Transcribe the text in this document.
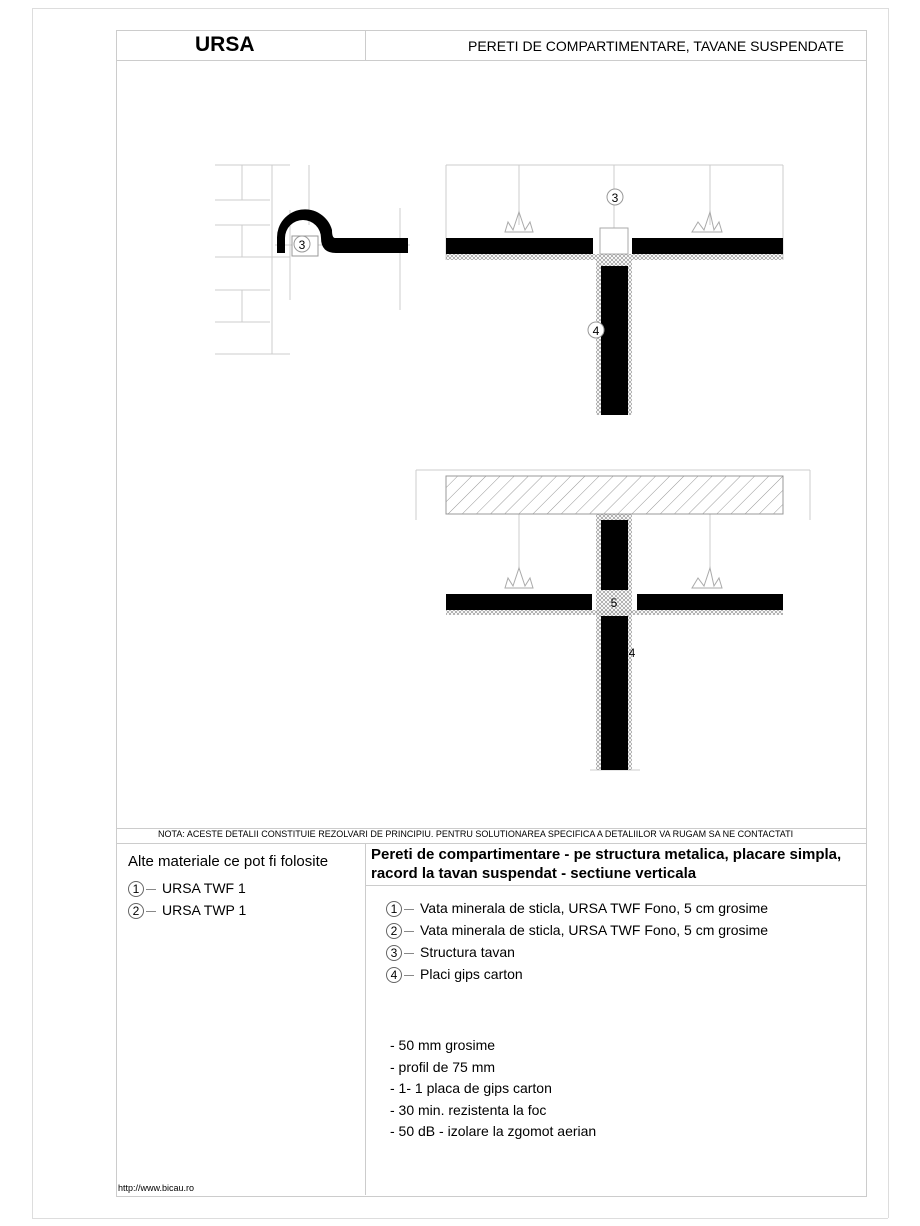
URSA	PERETI DE COMPARTIMENTARE, TAVANE SUSPENDATE
3
3
4
5
4
NOTA: ACESTE DETALII CONSTITUIE REZOLVARI DE PRINCIPIU. PENTRU SOLUTIONAREA SPECIFICA A DETALIILOR VA RUGAM SA NE CONTACTATI
Alte materiale ce pot fi folosite
1 URSA TWF 1
2 URSA TWP 1
Pereti de compartimentare - pe structura metalica, placare simpla,
racord la tavan suspendat - sectiune verticala
1 Vata minerala de sticla, URSA TWF Fono, 5 cm grosime
2 Vata minerala de sticla, URSA TWF Fono, 5 cm grosime
3 Structura tavan
4 Placi gips carton
- 50 mm grosime
- profil de 75 mm
- 1- 1 placa de gips carton
- 30 min. rezistenta la foc
- 50 dB - izolare la zgomot aerian
http://www.bicau.ro
